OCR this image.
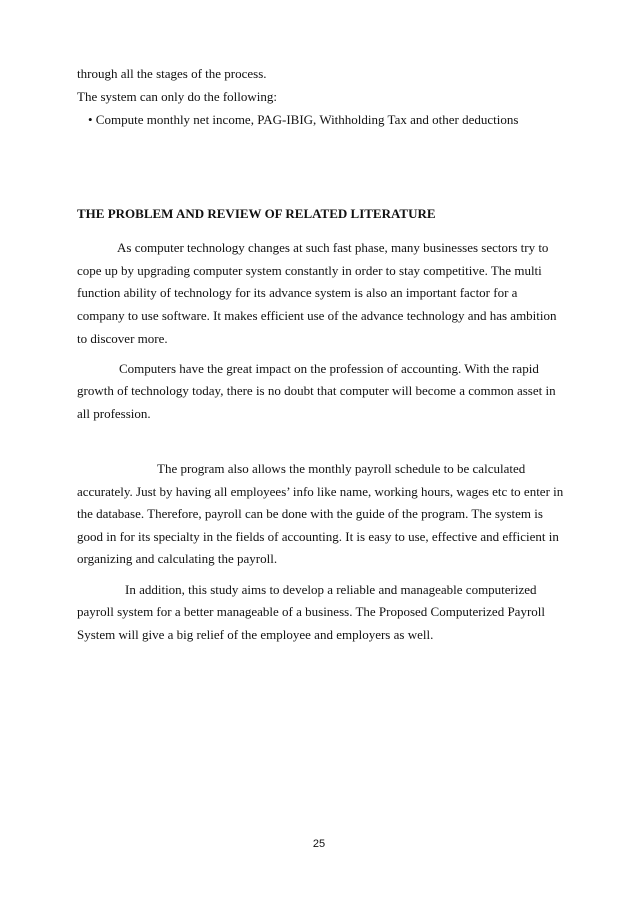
through all the stages of the process.
The system can only do the following:
• Compute monthly net income, PAG-IBIG, Withholding Tax and other deductions
THE PROBLEM AND REVIEW OF RELATED LITERATURE
As computer technology changes at such fast phase, many businesses sectors try to
cope up by upgrading computer system constantly in order to stay competitive. The multi
function ability of technology for its advance system is also an important factor for a
company to use software. It makes efficient use of the advance technology and has ambition
to discover more.
Computers have the great impact on the profession of accounting. With the rapid
growth of technology today, there is no doubt that computer will become a common asset in
all profession.
The program also allows the monthly payroll schedule to be calculated
accurately. Just by having all employees’ info like name, working hours, wages etc to enter in
the database. Therefore, payroll can be done with the guide of the program. The system is
good in for its specialty in the fields of accounting. It is easy to use, effective and efficient in
organizing and calculating the payroll.
In addition, this study aims to develop a reliable and manageable computerized
payroll system for a better manageable of a business. The Proposed Computerized Payroll
System will give a big relief of the employee and employers as well.
25
